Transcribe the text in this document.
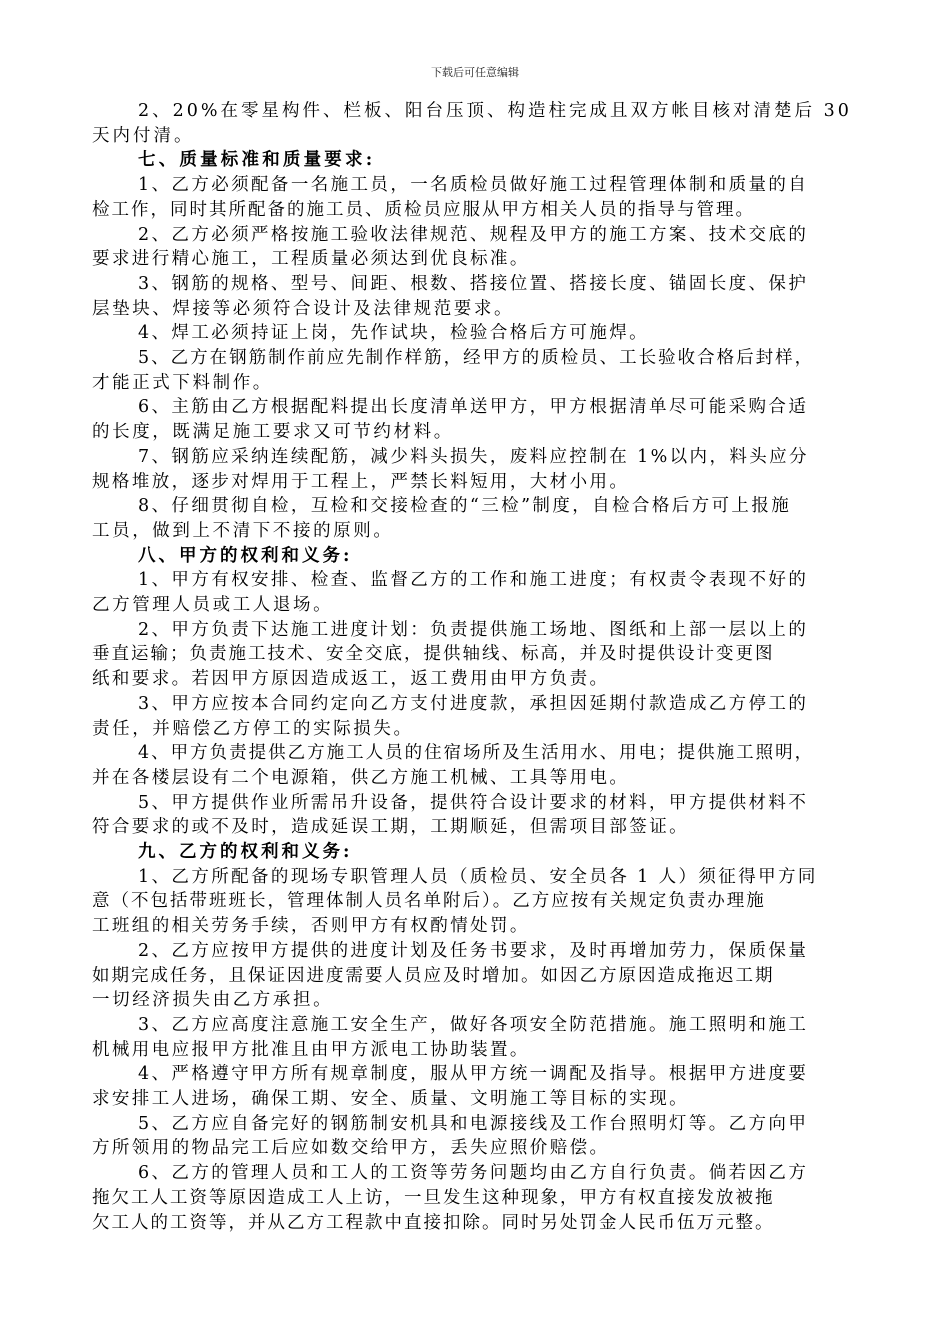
下载后可任意编辑
2、20%在零星构件、栏板、阳台压顶、构造柱完成且双方帐目核对清楚后 30
天内付清。
七、质量标准和质量要求:
1、乙方必须配备一名施工员，一名质检员做好施工过程管理体制和质量的自
检工作，同时其所配备的施工员、质检员应服从甲方相关人员的指导与管理。
2、乙方必须严格按施工验收法律规范、规程及甲方的施工方案、技术交底的
要求进行精心施工，工程质量必须达到优良标准。
3、钢筋的规格、型号、间距、根数、搭接位置、搭接长度、锚固长度、保护
层垫块、焊接等必须符合设计及法律规范要求。
4、焊工必须持证上岗，先作试块，检验合格后方可施焊。
5、乙方在钢筋制作前应先制作样筋，经甲方的质检员、工长验收合格后封样，
才能正式下料制作。
6、主筋由乙方根据配料提出长度清单送甲方，甲方根据清单尽可能采购合适
的长度，既满足施工要求又可节约材料。
7、钢筋应采纳连续配筋，减少料头损失，废料应控制在 1%以内，料头应分
规格堆放，逐步对焊用于工程上，严禁长料短用，大材小用。
8、仔细贯彻自检，互检和交接检查的“三检”制度，自检合格后方可上报施
工员，做到上不清下不接的原则。
八、甲方的权利和义务:
1、甲方有权安排、检查、监督乙方的工作和施工进度；有权责令表现不好的
乙方管理人员或工人退场。
2、甲方负责下达施工进度计划：负责提供施工场地、图纸和上部一层以上的
垂直运输；负责施工技术、安全交底，提供轴线、标高，并及时提供设计变更图
纸和要求。若因甲方原因造成返工，返工费用由甲方负责。
3、甲方应按本合同约定向乙方支付进度款，承担因延期付款造成乙方停工的
责任，并赔偿乙方停工的实际损失。
4、甲方负责提供乙方施工人员的住宿场所及生活用水、用电；提供施工照明，
并在各楼层设有二个电源箱，供乙方施工机械、工具等用电。
5、甲方提供作业所需吊升设备，提供符合设计要求的材料，甲方提供材料不
符合要求的或不及时，造成延误工期，工期顺延，但需项目部签证。
九、乙方的权利和义务:
1、乙方所配备的现场专职管理人员（质检员、安全员各 1 人）须征得甲方同
意（不包括带班班长，管理体制人员名单附后）。乙方应按有关规定负责办理施
工班组的相关劳务手续，否则甲方有权酌情处罚。
2、乙方应按甲方提供的进度计划及任务书要求，及时再增加劳力，保质保量
如期完成任务，且保证因进度需要人员应及时增加。如因乙方原因造成拖迟工期
一切经济损失由乙方承担。
3、乙方应高度注意施工安全生产，做好各项安全防范措施。施工照明和施工
机械用电应报甲方批准且由甲方派电工协助装置。
4、严格遵守甲方所有规章制度，服从甲方统一调配及指导。根据甲方进度要
求安排工人进场，确保工期、安全、质量、文明施工等目标的实现。
5、乙方应自备完好的钢筋制安机具和电源接线及工作台照明灯等。乙方向甲
方所领用的物品完工后应如数交给甲方，丢失应照价赔偿。
6、乙方的管理人员和工人的工资等劳务问题均由乙方自行负责。倘若因乙方
拖欠工人工资等原因造成工人上访，一旦发生这种现象，甲方有权直接发放被拖
欠工人的工资等，并从乙方工程款中直接扣除。同时另处罚金人民币伍万元整。
